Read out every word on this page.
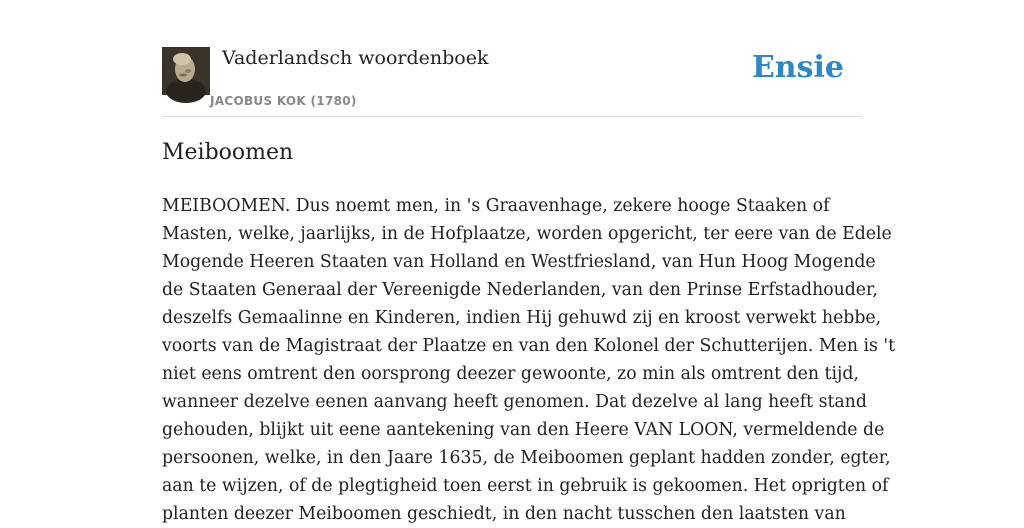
Vaderlandsch woordenboek
JACOBUS KOK (1780)
Ensie
Meiboomen

MEIBOOMEN. Dus noemt men, in 's Graavenhage, zekere hooge Staaken of
Masten, welke, jaarlijks, in de Hofplaatze, worden opgericht, ter eere van de Edele
Mogende Heeren Staaten van Holland en Westfriesland, van Hun Hoog Mogende
de Staaten Generaal der Vereenigde Nederlanden, van den Prinse Erfstadhouder,
deszelfs Gemaalinne en Kinderen, indien Hij gehuwd zij en kroost verwekt hebbe,
voorts van de Magistraat der Plaatze en van den Kolonel der Schutterijen. Men is 't
niet eens omtrent den oorsprong deezer gewoonte, zo min als omtrent den tijd,
wanneer dezelve eenen aanvang heeft genomen. Dat dezelve al lang heeft stand
gehouden, blijkt uit eene aantekening van den Heere VAN LOON, vermeldende de
persoonen, welke, in den Jaare 1635, de Meiboomen geplant hadden zonder, egter,
aan te wijzen, of de plegtigheid toen eerst in gebruik is gekoomen. Het oprigten of
planten deezer Meiboomen geschiedt, in den nacht tusschen den laatsten van
